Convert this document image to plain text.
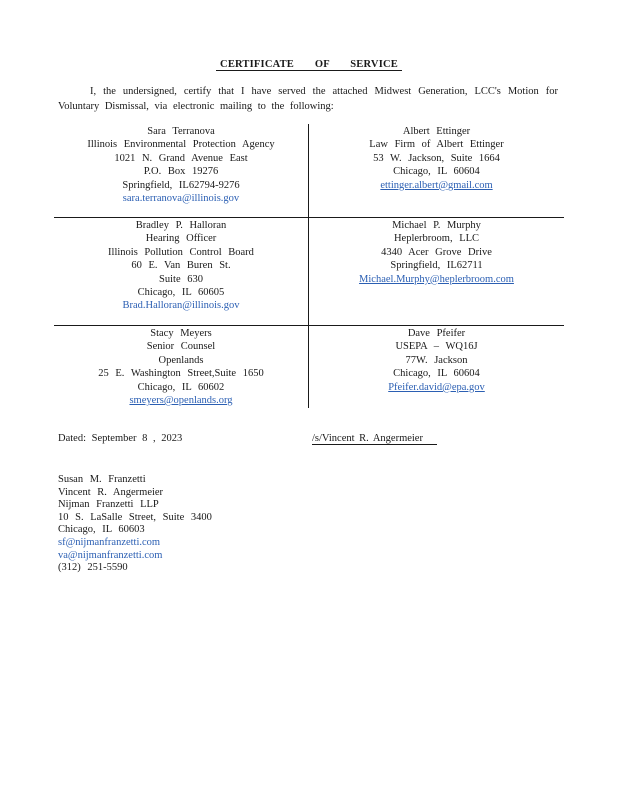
CERTIFICATE OF SERVICE
I, the undersigned, certify that I have served the attached Midwest Generation, LCC's Motion for Voluntary Dismissal, via electronic mailing to the following:
Sara Terranova
Illinois Environmental Protection Agency
1021 N. Grand Avenue East
P.O. Box 19276
Springfield, IL62794-9276
sara.terranova@illinois.gov
Albert Ettinger
Law Firm of Albert Ettinger
53 W. Jackson, Suite 1664
Chicago, IL 60604
ettinger.albert@gmail.com
Bradley P. Halloran
Hearing Officer
Illinois Pollution Control Board
60 E. Van Buren St.
Suite 630
Chicago, IL 60605
Brad.Halloran@illinois.gov
Michael P. Murphy
Heplerbroom, LLC
4340 Acer Grove Drive
Springfield, IL62711
Michael.Murphy@heplerbroom.com
Stacy Meyers
Senior Counsel
Openlands
25 E. Washington Street,Suite 1650
Chicago, IL 60602
smeyers@openlands.org
Dave Pfeifer
USEPA – WQ16J
77W. Jackson
Chicago, IL 60604
Pfeifer.david@epa.gov
Dated: September 8 , 2023	/s/Vincent R. Angermeier
Susan M. Franzetti
Vincent R. Angermeier
Nijman Franzetti LLP
10 S. LaSalle Street, Suite 3400
Chicago, IL 60603
sf@nijmanfranzetti.com
va@nijmanfranzetti.com
(312) 251-5590
